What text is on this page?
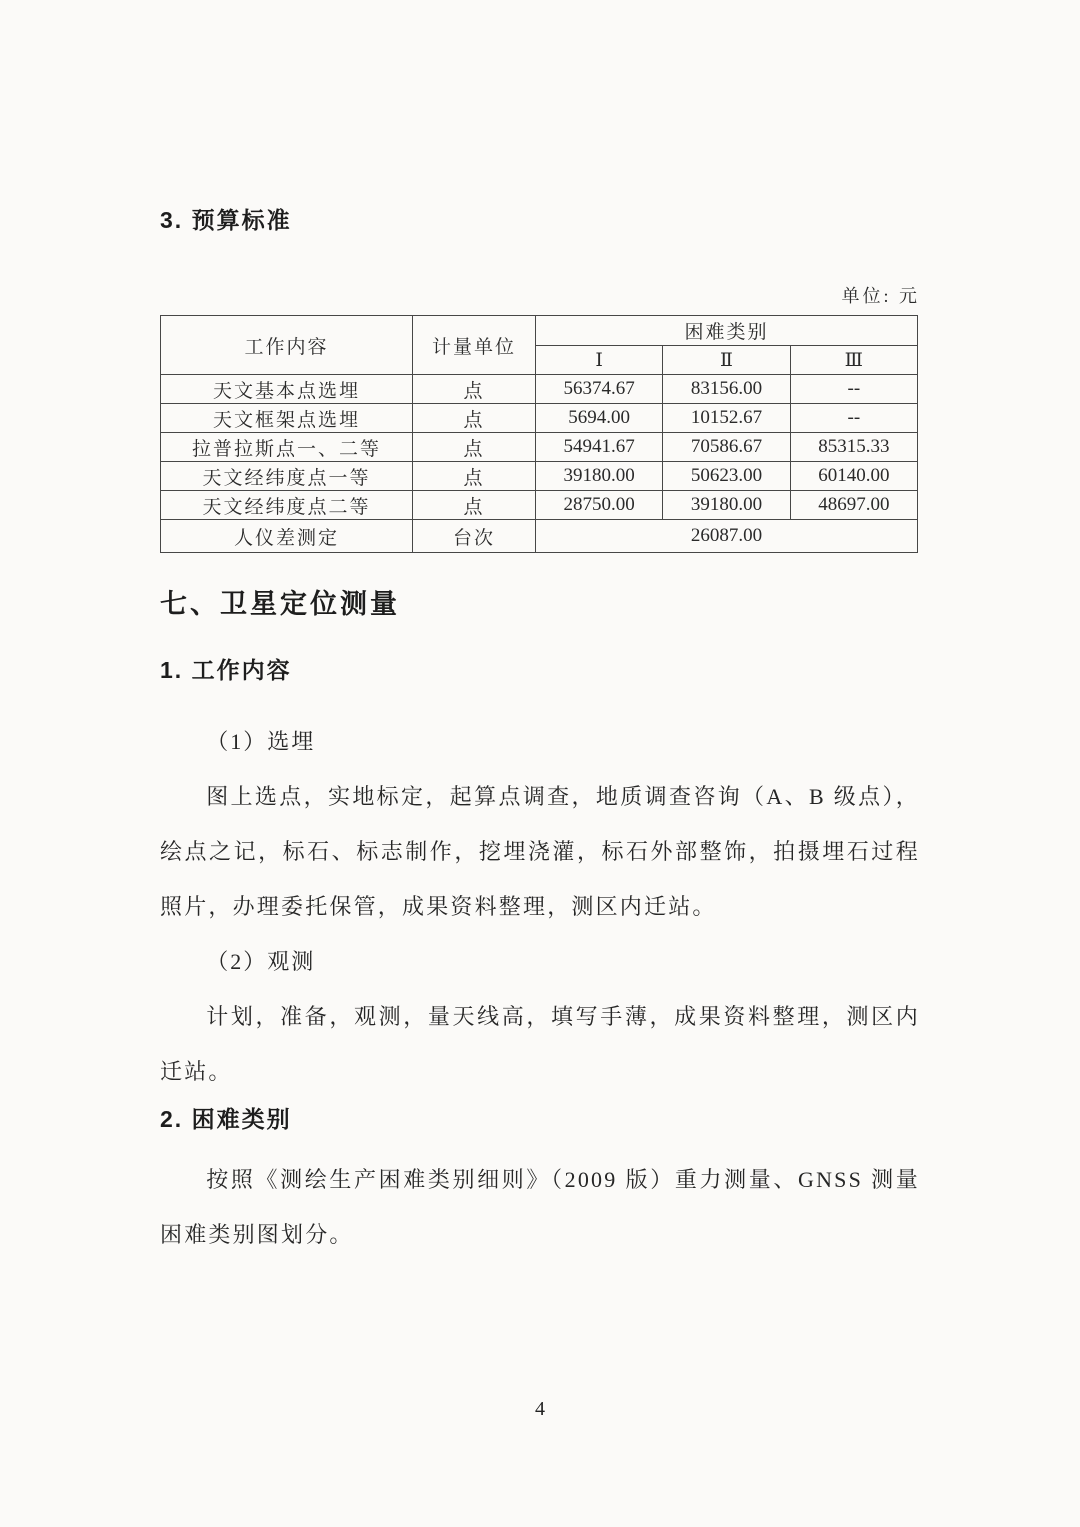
3. 预算标准
单位: 元
工作内容	计量单位	困难类别		
		Ⅰ	Ⅱ	Ⅲ
天文基本点选埋	点	56374.67	83156.00	--
天文框架点选埋	点	5694.00	10152.67	--
拉普拉斯点一、二等	点	54941.67	70586.67	85315.33
天文经纬度点一等	点	39180.00	50623.00	60140.00
天文经纬度点二等	点	28750.00	39180.00	48697.00
人仪差测定	台次	26087.00		
七、卫星定位测量
1. 工作内容

（1）选埋

图上选点，实地标定，起算点调查，地质调查咨询（A、B 级点），绘点之记，标石、标志制作，挖埋浇灌，标石外部整饰，拍摄埋石过程照片，办理委托保管，成果资料整理，测区内迁站。

（2）观测

计划，准备，观测，量天线高，填写手薄，成果资料整理，测区内迁站。

2. 困难类别

按照《测绘生产困难类别细则》（2009 版）重力测量、GNSS 测量困难类别图划分。

4
